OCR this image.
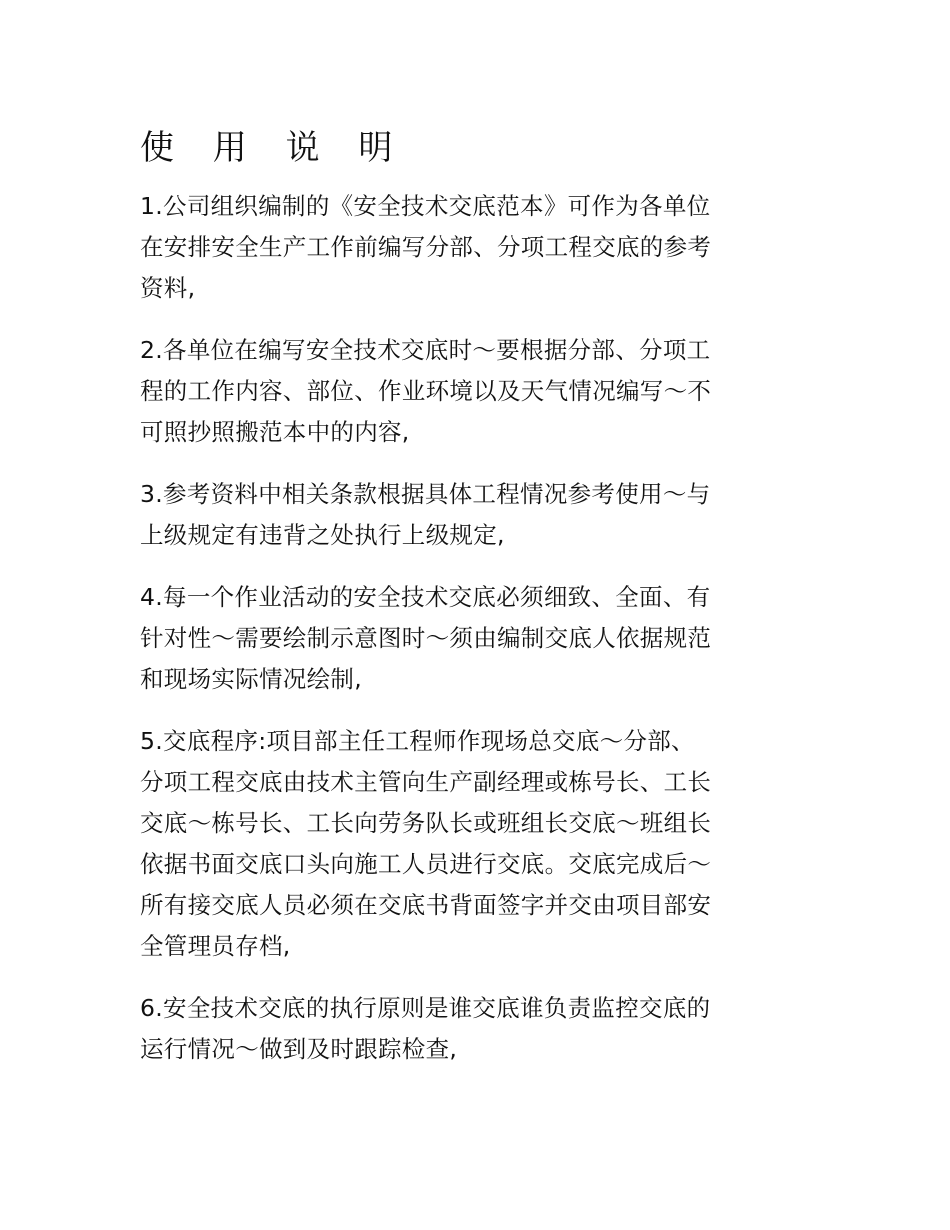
使 用 说 明

1.公司组织编制的《安全技术交底范本》可作为各单位
在安排安全生产工作前编写分部、分项工程交底的参考
资料,

2.各单位在编写安全技术交底时～要根据分部、分项工
程的工作内容、部位、作业环境以及天气情况编写～不
可照抄照搬范本中的内容,

3.参考资料中相关条款根据具体工程情况参考使用～与
上级规定有违背之处执行上级规定,

4.每一个作业活动的安全技术交底必须细致、全面、有
针对性～需要绘制示意图时～须由编制交底人依据规范
和现场实际情况绘制,

5.交底程序:项目部主任工程师作现场总交底～分部、
分项工程交底由技术主管向生产副经理或栋号长、工长
交底～栋号长、工长向劳务队长或班组长交底～班组长
依据书面交底口头向施工人员进行交底。交底完成后～
所有接交底人员必须在交底书背面签字并交由项目部安
全管理员存档,

6.安全技术交底的执行原则是谁交底谁负责监控交底的
运行情况～做到及时跟踪检查,
